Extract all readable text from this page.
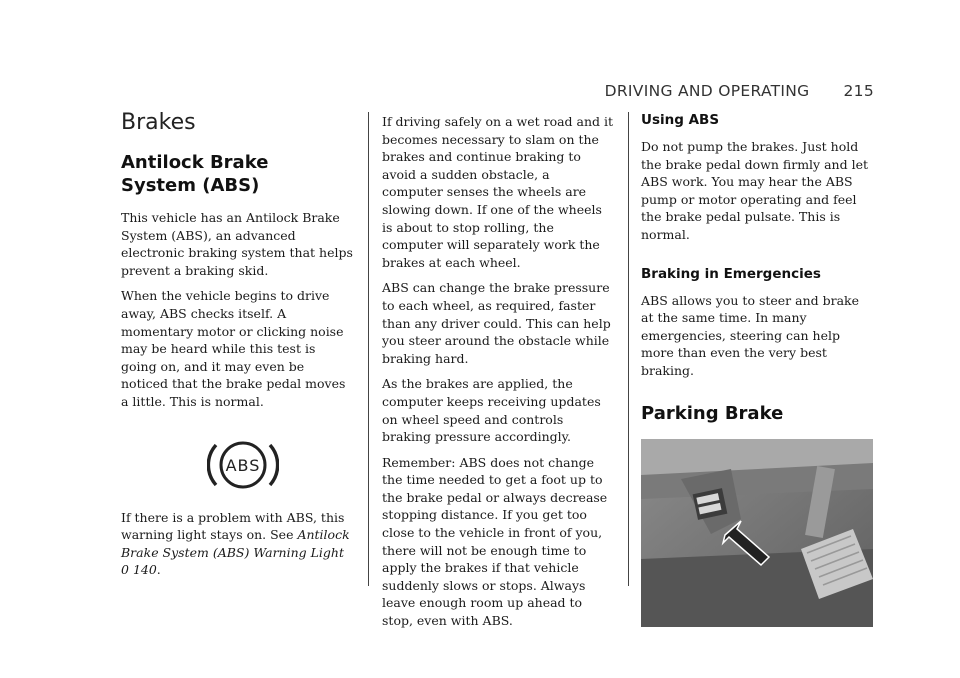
DRIVING AND OPERATING 215
Brakes
Antilock Brake
System (ABS)

This vehicle has an Antilock Brake System (ABS), an advanced electronic braking system that helps prevent a braking skid.

When the vehicle begins to drive away, ABS checks itself. A momentary motor or clicking noise may be heard while this test is going on, and it may even be noticed that the brake pedal moves a little. This is normal.

ABS

If there is a problem with ABS, this warning light stays on. See Antilock Brake System (ABS) Warning Light
0 140.

If driving safely on a wet road and it becomes necessary to slam on the brakes and continue braking to avoid a sudden obstacle, a computer senses the wheels are slowing down. If one of the wheels is about to stop rolling, the computer will separately work the brakes at each wheel.

ABS can change the brake pressure to each wheel, as required, faster than any driver could. This can help you steer around the obstacle while braking hard.

As the brakes are applied, the computer keeps receiving updates on wheel speed and controls braking pressure accordingly.

Remember: ABS does not change the time needed to get a foot up to the brake pedal or always decrease stopping distance. If you get too close to the vehicle in front of you, there will not be enough time to apply the brakes if that vehicle suddenly slows or stops. Always leave enough room up ahead to stop, even with ABS.

Using ABS

Do not pump the brakes. Just hold the brake pedal down firmly and let ABS work. You may hear the ABS pump or motor operating and feel the brake pedal pulsate. This is normal.

Braking in Emergencies

ABS allows you to steer and brake at the same time. In many emergencies, steering can help more than even the very best braking.

Parking Brake
